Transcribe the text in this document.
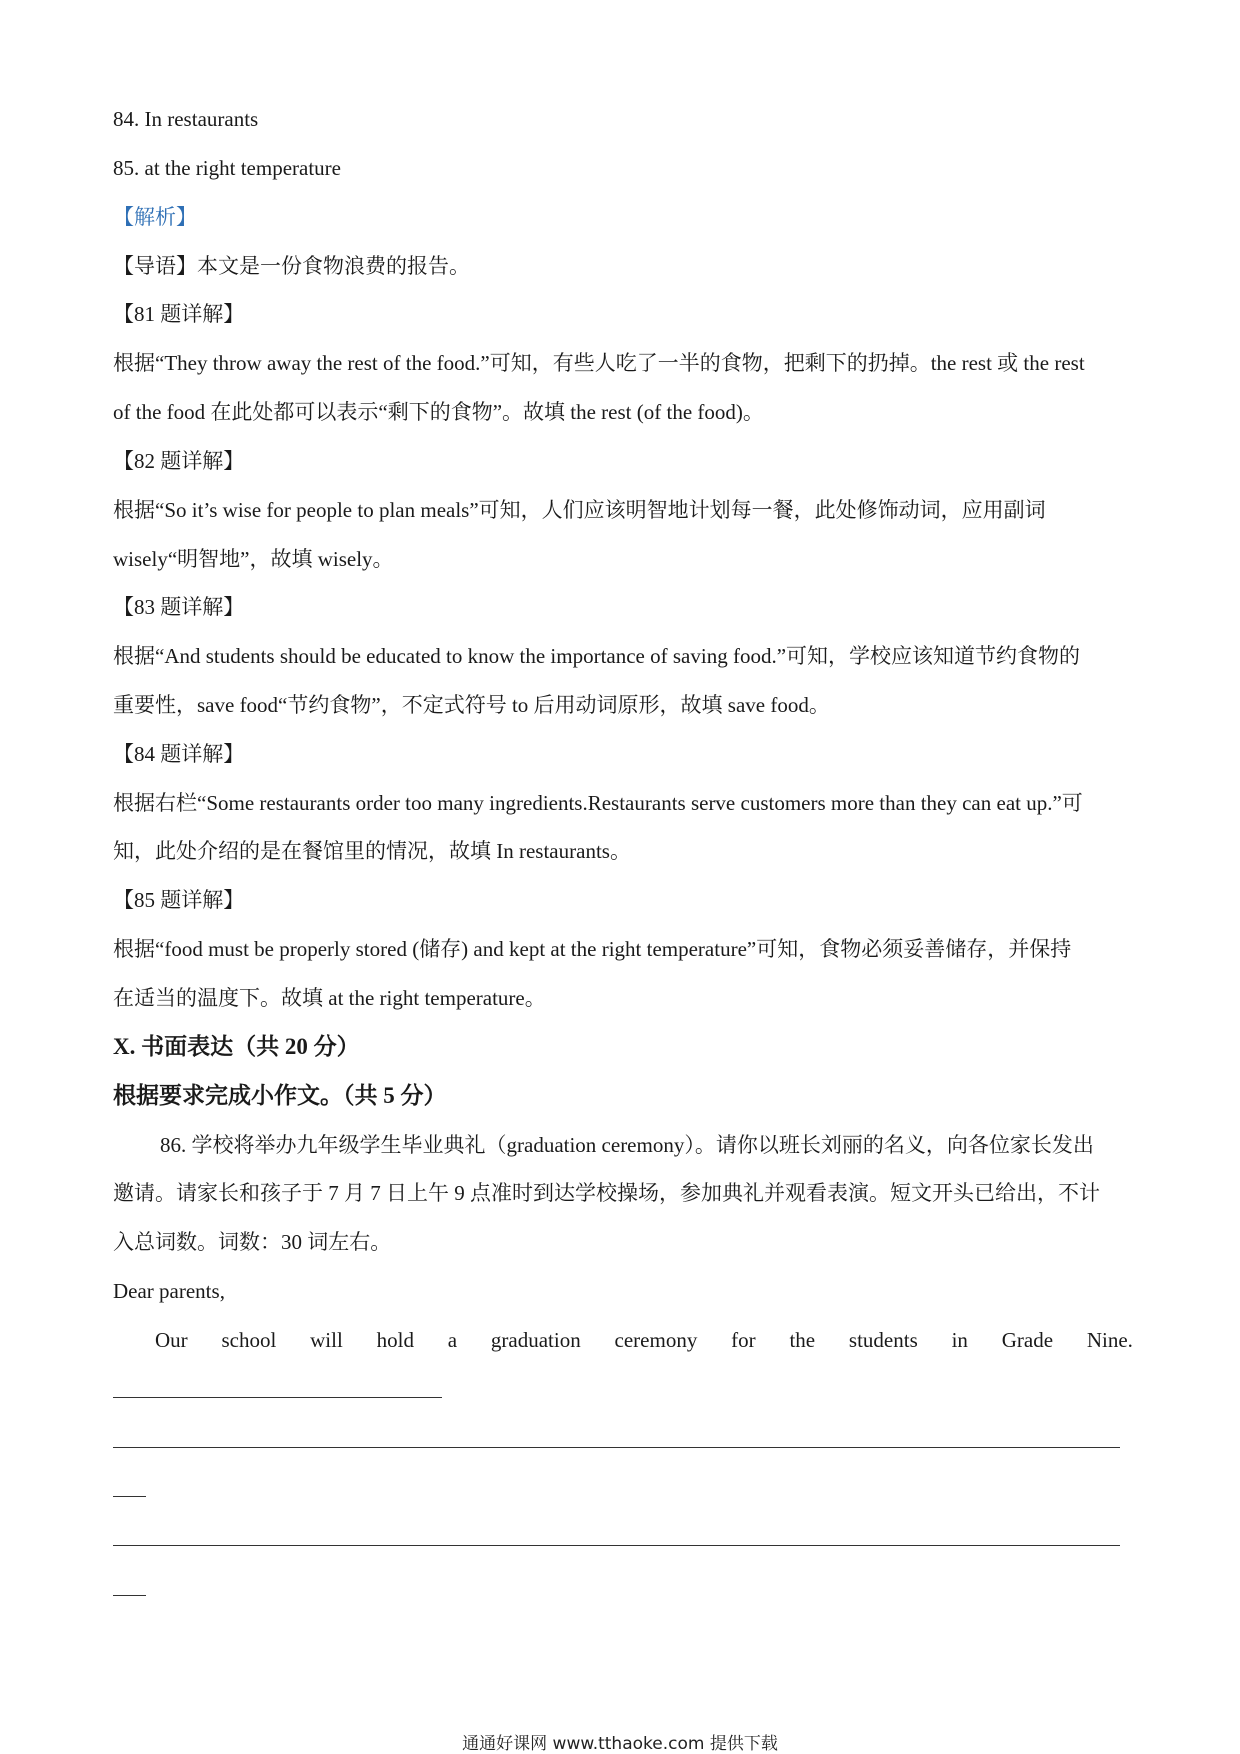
84. In restaurants
85. at the right temperature
【解析】
【导语】本文是一份食物浪费的报告。
【81 题详解】
根据“They throw away the rest of the food.”可知，有些人吃了一半的食物，把剩下的扔掉。the rest 或 the rest
of the food 在此处都可以表示“剩下的食物”。故填 the rest (of the food)。
【82 题详解】
根据“So it’s wise for people to plan meals”可知，人们应该明智地计划每一餐，此处修饰动词，应用副词
wisely“明智地”，故填 wisely。
【83 题详解】
根据“And students should be educated to know the importance of saving food.”可知，学校应该知道节约食物的
重要性，save food“节约食物”，不定式符号 to 后用动词原形，故填 save food。
【84 题详解】
根据右栏“Some restaurants order too many ingredients.Restaurants serve customers more than they can eat up.”可
知，此处介绍的是在餐馆里的情况，故填 In restaurants。
【85 题详解】
根据“food must be properly stored (储存) and kept at the right temperature”可知，食物必须妥善储存，并保持
在适当的温度下。故填 at the right temperature。
X. 书面表达（共 20 分）
根据要求完成小作文。（共 5 分）
86. 学校将举办九年级学生毕业典礼（graduation ceremony）。请你以班长刘丽的名义，向各位家长发出
邀请。请家长和孩子于 7 月 7 日上午 9 点准时到达学校操场，参加典礼并观看表演。短文开头已给出，不计
入总词数。词数：30 词左右。
Dear parents,
Our school will hold a graduation ceremony for the students in Grade Nine.
通通好课网 www.tthaoke.com 提供下载
